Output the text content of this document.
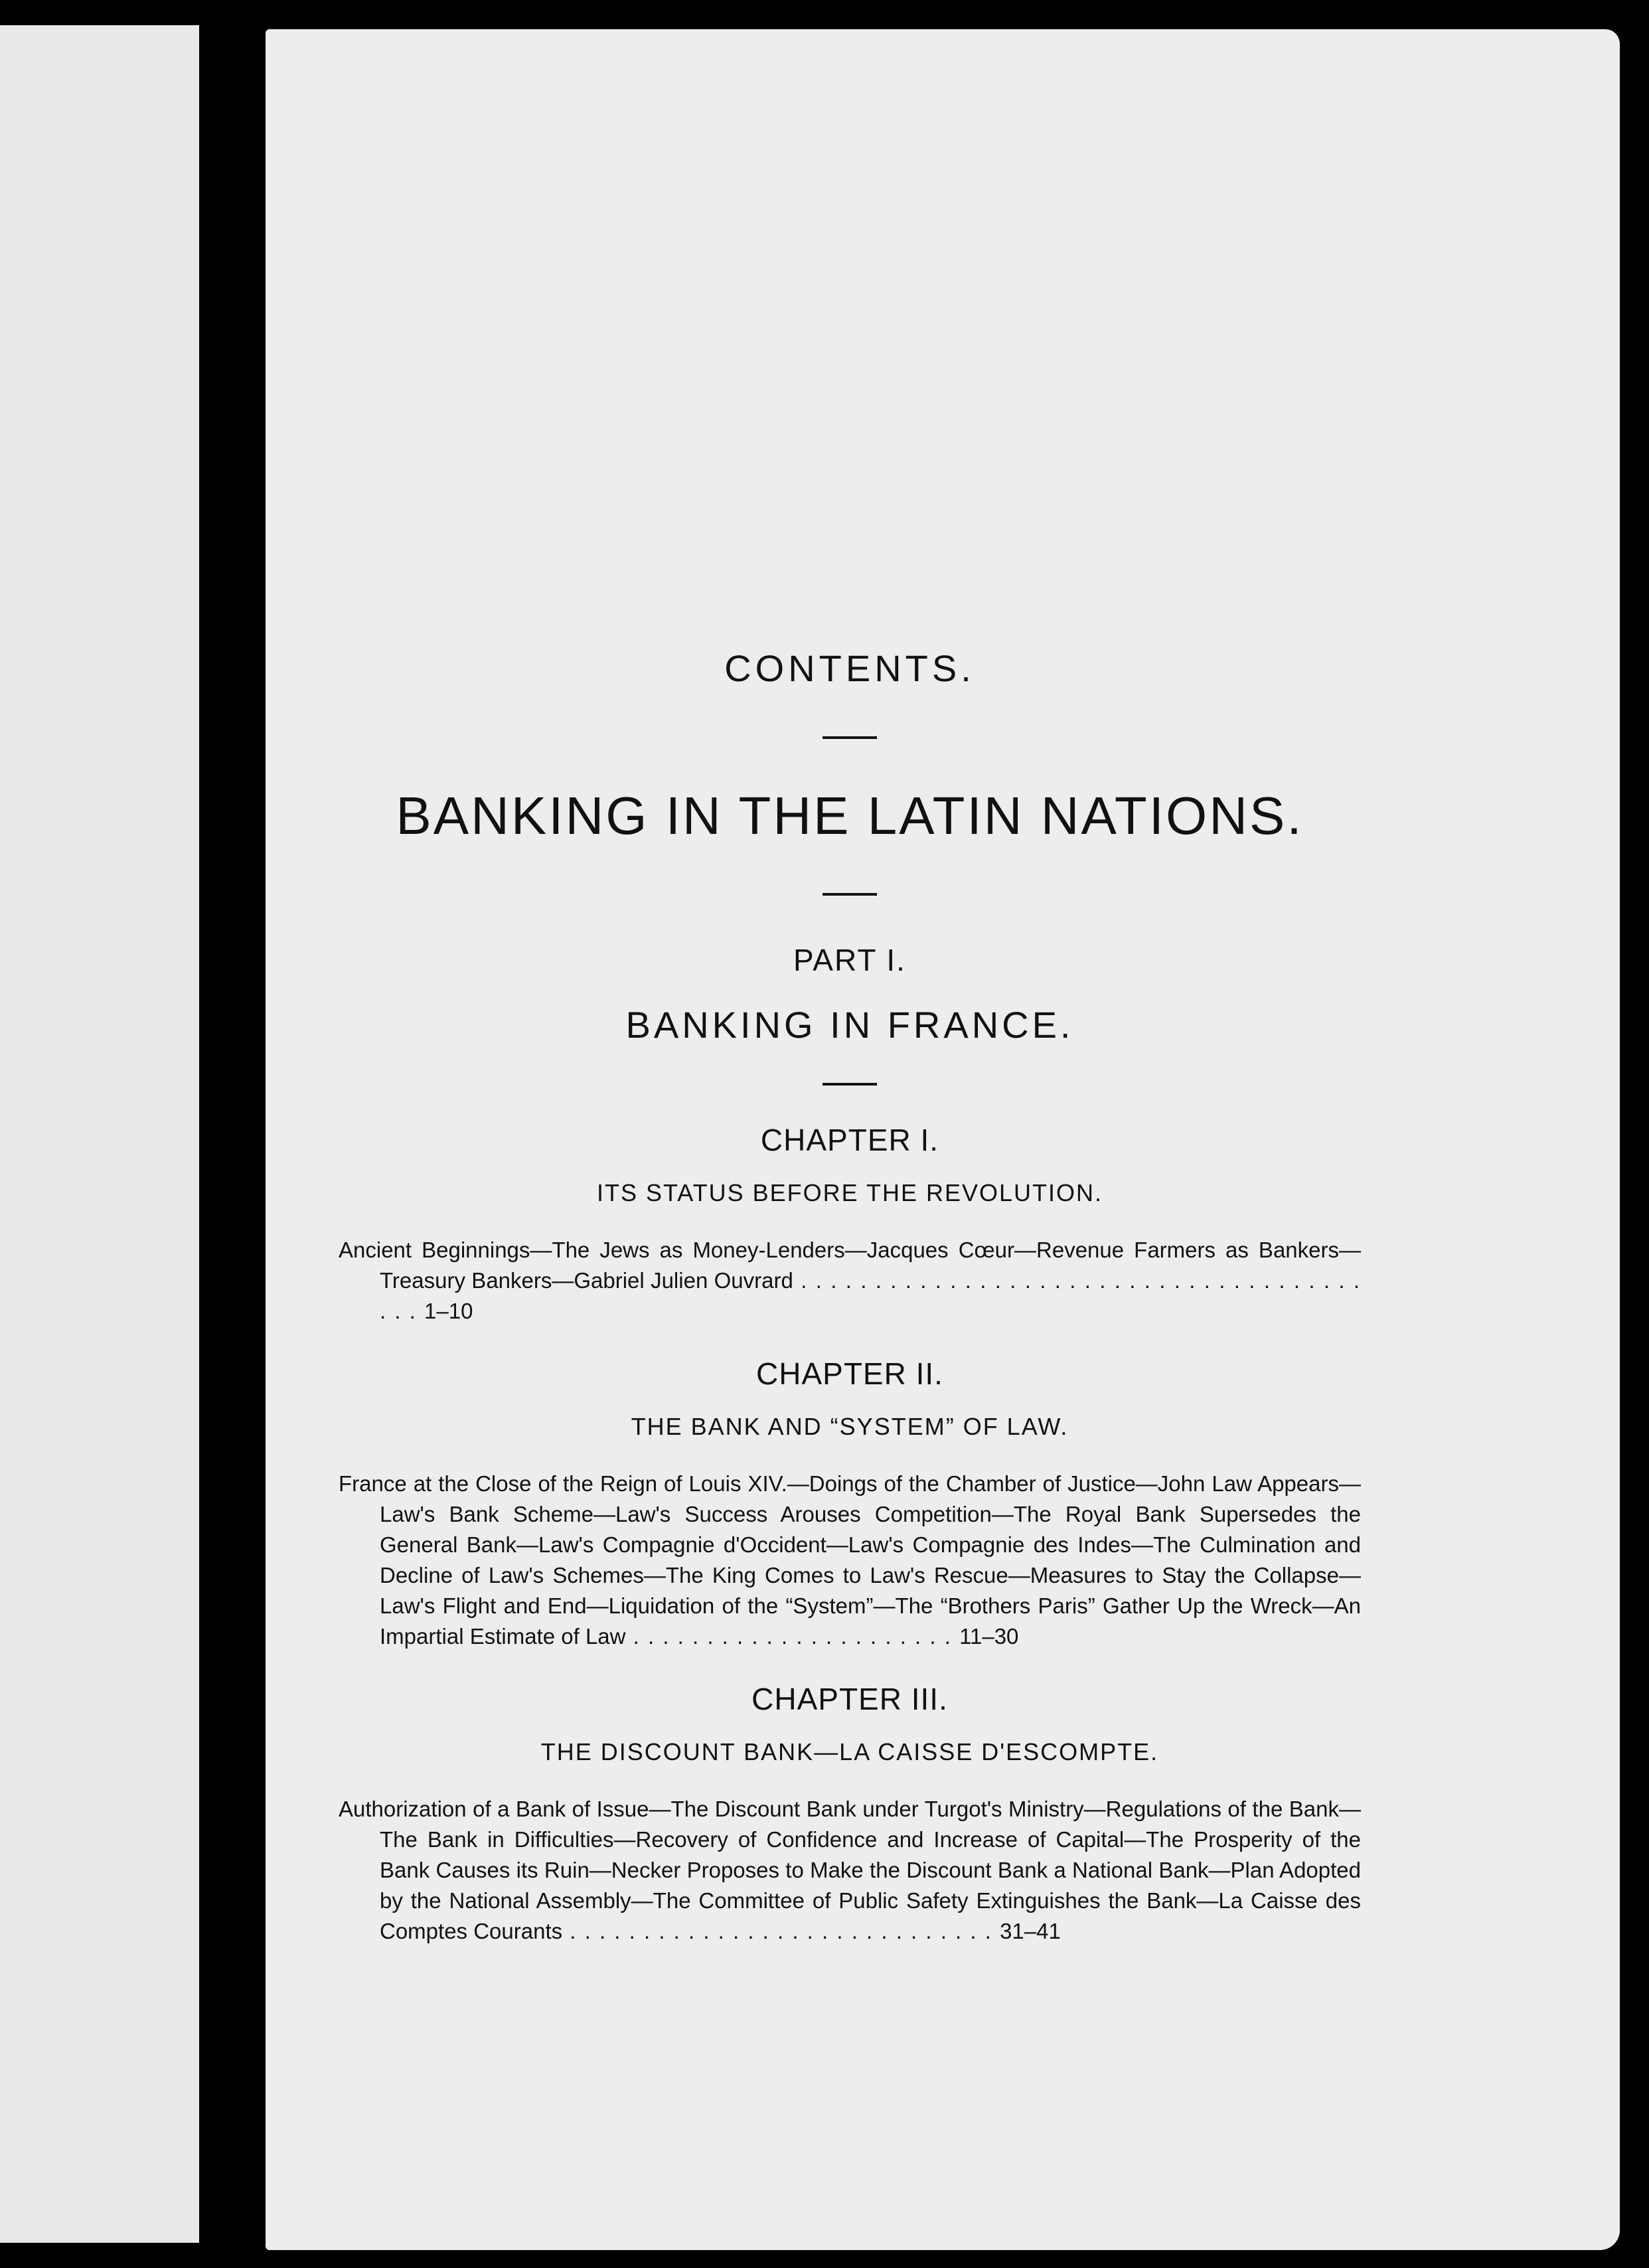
CONTENTS.

BANKING IN THE LATIN NATIONS.

PART I.

BANKING IN FRANCE.

CHAPTER I.

ITS STATUS BEFORE THE REVOLUTION.

Ancient Beginnings—The Jews as Money-Lenders—Jacques Cœur—Revenue Farmers as Bankers—Treasury Bankers—Gabriel Julien Ouvrard . . . . . . . . . . . . . . . . . . . . . . . . . . . . . . . . . . . . . . . . . 1–10

CHAPTER II.

THE BANK AND “SYSTEM” OF LAW.

France at the Close of the Reign of Louis XIV.—Doings of the Chamber of Justice—John Law Appears—Law's Bank Scheme—Law's Success Arouses Competition—The Royal Bank Supersedes the General Bank—Law's Compagnie d'Occident—Law's Compagnie des Indes—The Culmination and Decline of Law's Schemes—The King Comes to Law's Rescue—Measures to Stay the Collapse—Law's Flight and End—Liquidation of the “System”—The “Brothers Paris” Gather Up the Wreck—An Impartial Estimate of Law . . . . . . . . . . . . . . . . . . . . . . 11–30

CHAPTER III.

THE DISCOUNT BANK—LA CAISSE D'ESCOMPTE.

Authorization of a Bank of Issue—The Discount Bank under Turgot's Ministry—Regulations of the Bank—The Bank in Difficulties—Recovery of Confidence and Increase of Capital—The Prosperity of the Bank Causes its Ruin—Necker Proposes to Make the Discount Bank a National Bank—Plan Adopted by the National Assembly—The Committee of Public Safety Extinguishes the Bank—La Caisse des Comptes Courants . . . . . . . . . . . . . . . . . . . . . . . . . . . . . 31–41
